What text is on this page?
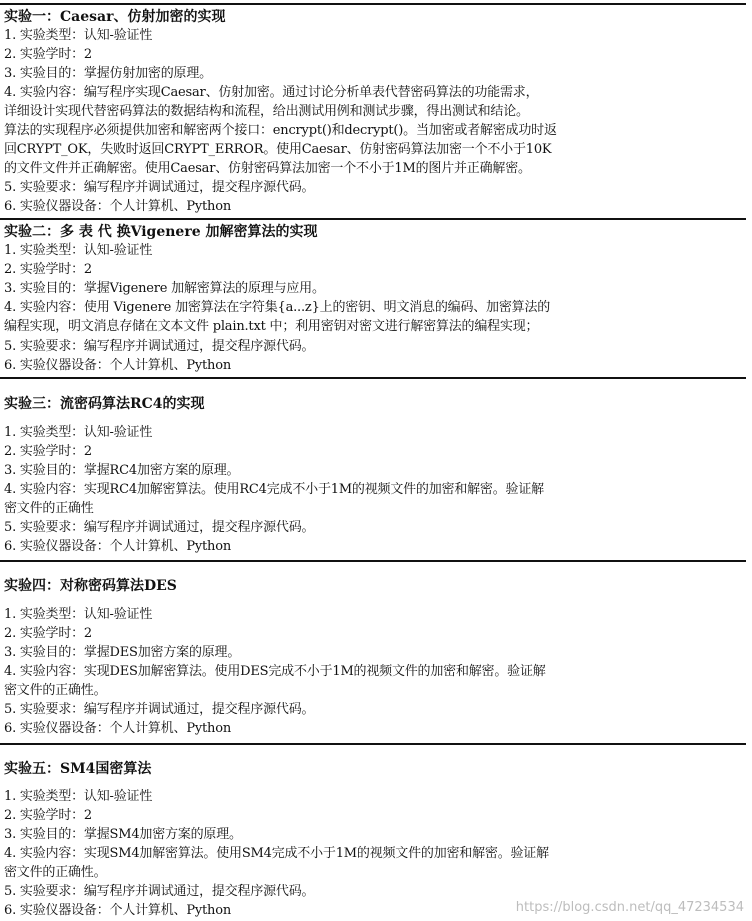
实验一：Caesar、仿射加密的实现
1. 实验类型：认知-验证性
2. 实验学时：2
3. 实验目的：掌握仿射加密的原理。
4. 实验内容：编写程序实现Caesar、仿射加密。通过讨论分析单表代替密码算法的功能需求，
详细设计实现代替密码算法的数据结构和流程，给出测试用例和测试步骤，得出测试和结论。
算法的实现程序必须提供加密和解密两个接口：encrypt()和decrypt()。当加密或者解密成功时返
回CRYPT_OK，失败时返回CRYPT_ERROR。使用Caesar、仿射密码算法加密一个不小于10K
的文件文件并正确解密。使用Caesar、仿射密码算法加密一个不小于1M的图片并正确解密。
5. 实验要求：编写程序并调试通过，提交程序源代码。
6. 实验仪器设备：个人计算机、Python
实验二：多 表 代 换Vigenere 加解密算法的实现
1. 实验类型：认知-验证性
2. 实验学时：2
3. 实验目的：掌握Vigenere 加解密算法的原理与应用。
4. 实验内容：使用 Vigenere 加密算法在字符集{a...z}上的密钥、明文消息的编码、加密算法的
编程实现，明文消息存储在文本文件 plain.txt 中；利用密钥对密文进行解密算法的编程实现；
5. 实验要求：编写程序并调试通过，提交程序源代码。
6. 实验仪器设备：个人计算机、Python
实验三：流密码算法RC4的实现
1. 实验类型：认知-验证性
2. 实验学时：2
3. 实验目的：掌握RC4加密方案的原理。
4. 实验内容：实现RC4加解密算法。使用RC4完成不小于1M的视频文件的加密和解密。验证解
密文件的正确性
5. 实验要求：编写程序并调试通过，提交程序源代码。
6. 实验仪器设备：个人计算机、Python
实验四：对称密码算法DES
1. 实验类型：认知-验证性
2. 实验学时：2
3. 实验目的：掌握DES加密方案的原理。
4. 实验内容：实现DES加解密算法。使用DES完成不小于1M的视频文件的加密和解密。验证解
密文件的正确性。
5. 实验要求：编写程序并调试通过，提交程序源代码。
6. 实验仪器设备：个人计算机、Python
实验五：SM4国密算法
1. 实验类型：认知-验证性
2. 实验学时：2
3. 实验目的：掌握SM4加密方案的原理。
4. 实验内容：实现SM4加解密算法。使用SM4完成不小于1M的视频文件的加密和解密。验证解
密文件的正确性。
5. 实验要求：编写程序并调试通过，提交程序源代码。
6. 实验仪器设备：个人计算机、Python	https://blog.csdn.net/qq_47234534
